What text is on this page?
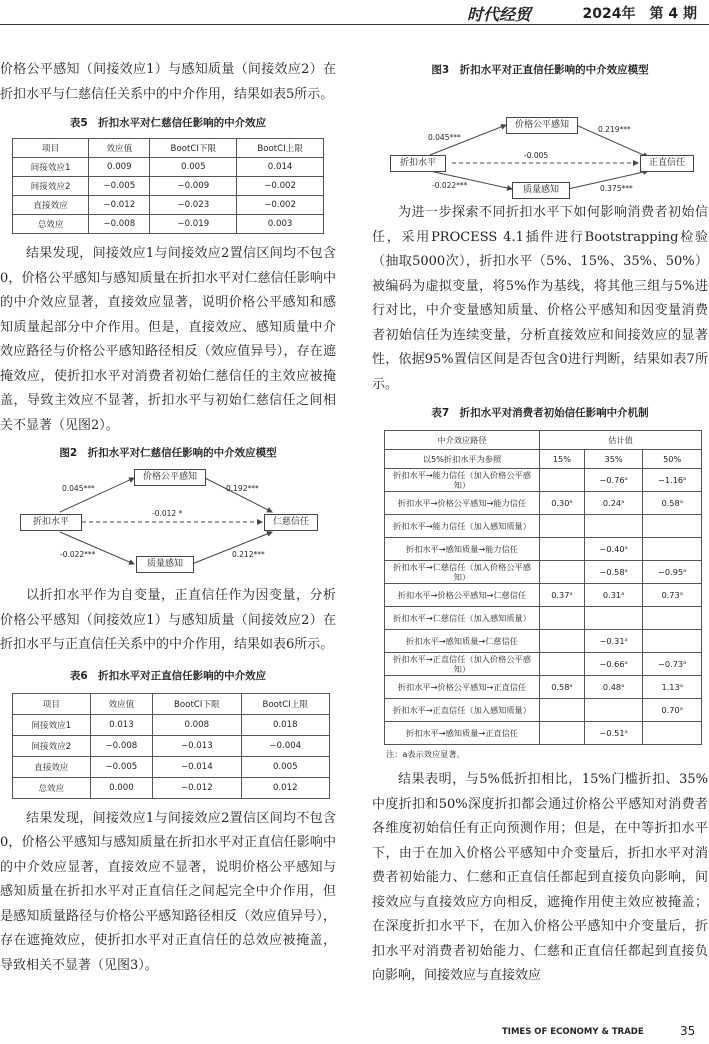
时代经贸	2024年　第 4 期

价格公平感知（间接效应1）与感知质量（间接效应2）在折扣水平与仁慈信任关系中的中介作用，结果如表5所示。

表5　折扣水平对仁慈信任影响的中介效应
项目	效应值	BootCI下限	BootCI上限
间接效应1	0.009	0.005	0.014
间接效应2	−0.005	−0.009	−0.002
直接效应	−0.012	−0.023	−0.002
总效应	−0.008	−0.019	0.003

结果发现，间接效应1与间接效应2置信区间均不包含0，价格公平感知与感知质量在折扣水平对仁慈信任影响中的中介效应显著，直接效应显著，说明价格公平感知和感知质量起部分中介作用。但是，直接效应、感知质量中介效应路径与价格公平感知路径相反（效应值异号），存在遮掩效应，使折扣水平对消费者初始仁慈信任的主效应被掩盖，导致主效应不显著，折扣水平与初始仁慈信任之间相关不显著（见图2）。

图2　折扣水平对仁慈信任影响的中介效应模型
价格公平感知
折扣水平	仁慈信任
质量感知
0.045***	0.192***
-0.012 *
-0.022***	0.212***

以折扣水平作为自变量，正直信任作为因变量，分析价格公平感知（间接效应1）与感知质量（间接效应2）在折扣水平与正直信任关系中的中介作用，结果如表6所示。

表6　折扣水平对正直信任影响的中介效应
项目	效应值	BootCI下限	BootCI上限
间接效应1	0.013	0.008	0.018
间接效应2	−0.008	−0.013	−0.004
直接效应	−0.005	−0.014	0.005
总效应	0.000	−0.012	0.012

结果发现，间接效应1与间接效应2置信区间均不包含0，价格公平感知与感知质量在折扣水平对正直信任影响中的中介效应显著，直接效应不显著，说明价格公平感知与感知质量在折扣水平对正直信任之间起完全中介作用，但是感知质量路径与价格公平感知路径相反（效应值异号），存在遮掩效应，使折扣水平对正直信任的总效应被掩盖，导致相关不显著（见图3）。

图3　折扣水平对正直信任影响的中介效应模型
价格公平感知
折扣水平	正直信任
质量感知
0.045***
0.219***
-0.005
-0.022***	0.375***

为进一步探索不同折扣水平下如何影响消费者初始信任，采用PROCESS 4.1插件进行Bootstrapping检验（抽取5000次），折扣水平（5%、15%、35%、50%）被编码为虚拟变量，将5%作为基线，将其他三组与5%进行对比，中介变量感知质量、价格公平感知和因变量消费者初始信任为连续变量，分析直接效应和间接效应的显著性，依据95%置信区间是否包含0进行判断，结果如表7所示。

表7　折扣水平对消费者初始信任影响中介机制
中介效应路径	估计值		
以5%折扣水平为参照	15%	35%	50%
折扣水平→能力信任（加入价格公平感知）		−0.76ᵃ	−1.16ᵃ
折扣水平→价格公平感知→能力信任	0.30ᵃ	0.24ᵃ	0.58ᵃ
折扣水平→能力信任（加入感知质量）			
折扣水平→感知质量→能力信任		−0.40ᵃ	
折扣水平→仁慈信任（加入价格公平感知）		−0.58ᵃ	−0.95ᵃ
折扣水平→价格公平感知→仁慈信任	0.37ᵃ	0.31ᵃ	0.73ᵃ
折扣水平→仁慈信任（加入感知质量）			
折扣水平→感知质量→仁慈信任		−0.31ᵃ	
折扣水平→正直信任（加入价格公平感知）		−0.66ᵃ	−0.73ᵃ
折扣水平→价格公平感知→正直信任	0.58ᵃ	0.48ᵃ	1.13ᵃ
折扣水平→正直信任（加入感知质量）			0.70ᵃ
折扣水平→感知质量→正直信任		−0.51ᵃ	
注：a表示效应显著。

结果表明，与5%低折扣相比，15%门槛折扣、35%中度折扣和50%深度折扣都会通过价格公平感知对消费者各维度初始信任有正向预测作用；但是，在中等折扣水平下，由于在加入价格公平感知中介变量后，折扣水平对消费者初始能力、仁慈和正直信任都起到直接负向影响，间接效应与直接效应方向相反，遮掩作用使主效应被掩盖；在深度折扣水平下，在加入价格公平感知中介变量后，折扣水平对消费者初始能力、仁慈和正直信任都起到直接负向影响，间接效应与直接效应

TIMES OF ECONOMY & TRADE	35
